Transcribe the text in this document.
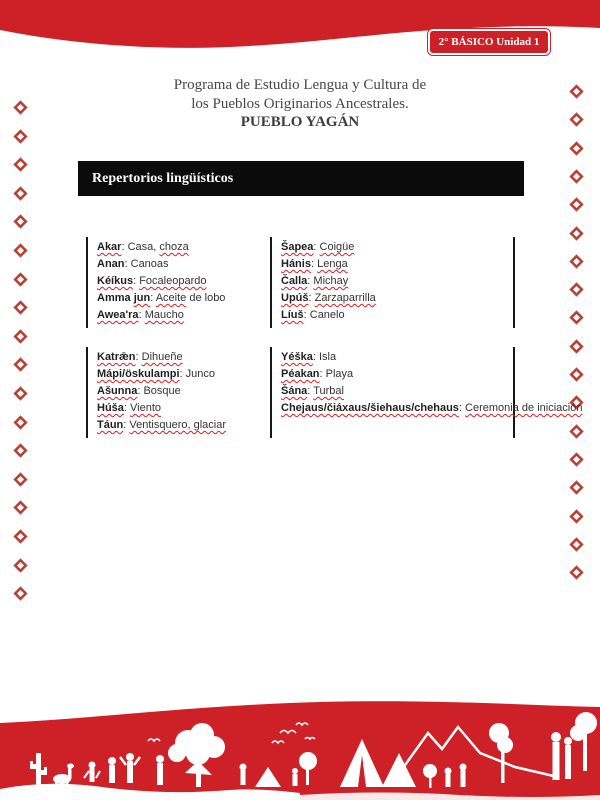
2° BÁSICO Unidad 1
Programa de Estudio Lengua y Cultura de
los Pueblos Originarios Ancestrales.
PUEBLO YAGÁN
Repertorios lingüísticos
Akar: Casa, choza
Anan: Canoas
Kéíkus: Focaleopardo
Amma jun: Aceite de lobo
Awea'ra: Maucho
Šapea: Coigüe
Hánis: Lenga
Čalla: Michay
Upúš: Zarzaparrilla
Líuš: Canelo
Katrǣn: Dihueñe
Mápi/öskulampi: Junco
Ašunna: Bosque
Húša: Viento
Táun: Ventisquero, glaciar
Yéška: Isla
Péakan: Playa
Šána: Turbal
Chejaus/čiáxaus/šiehaus/chehaus: Ceremonia de iniciación
